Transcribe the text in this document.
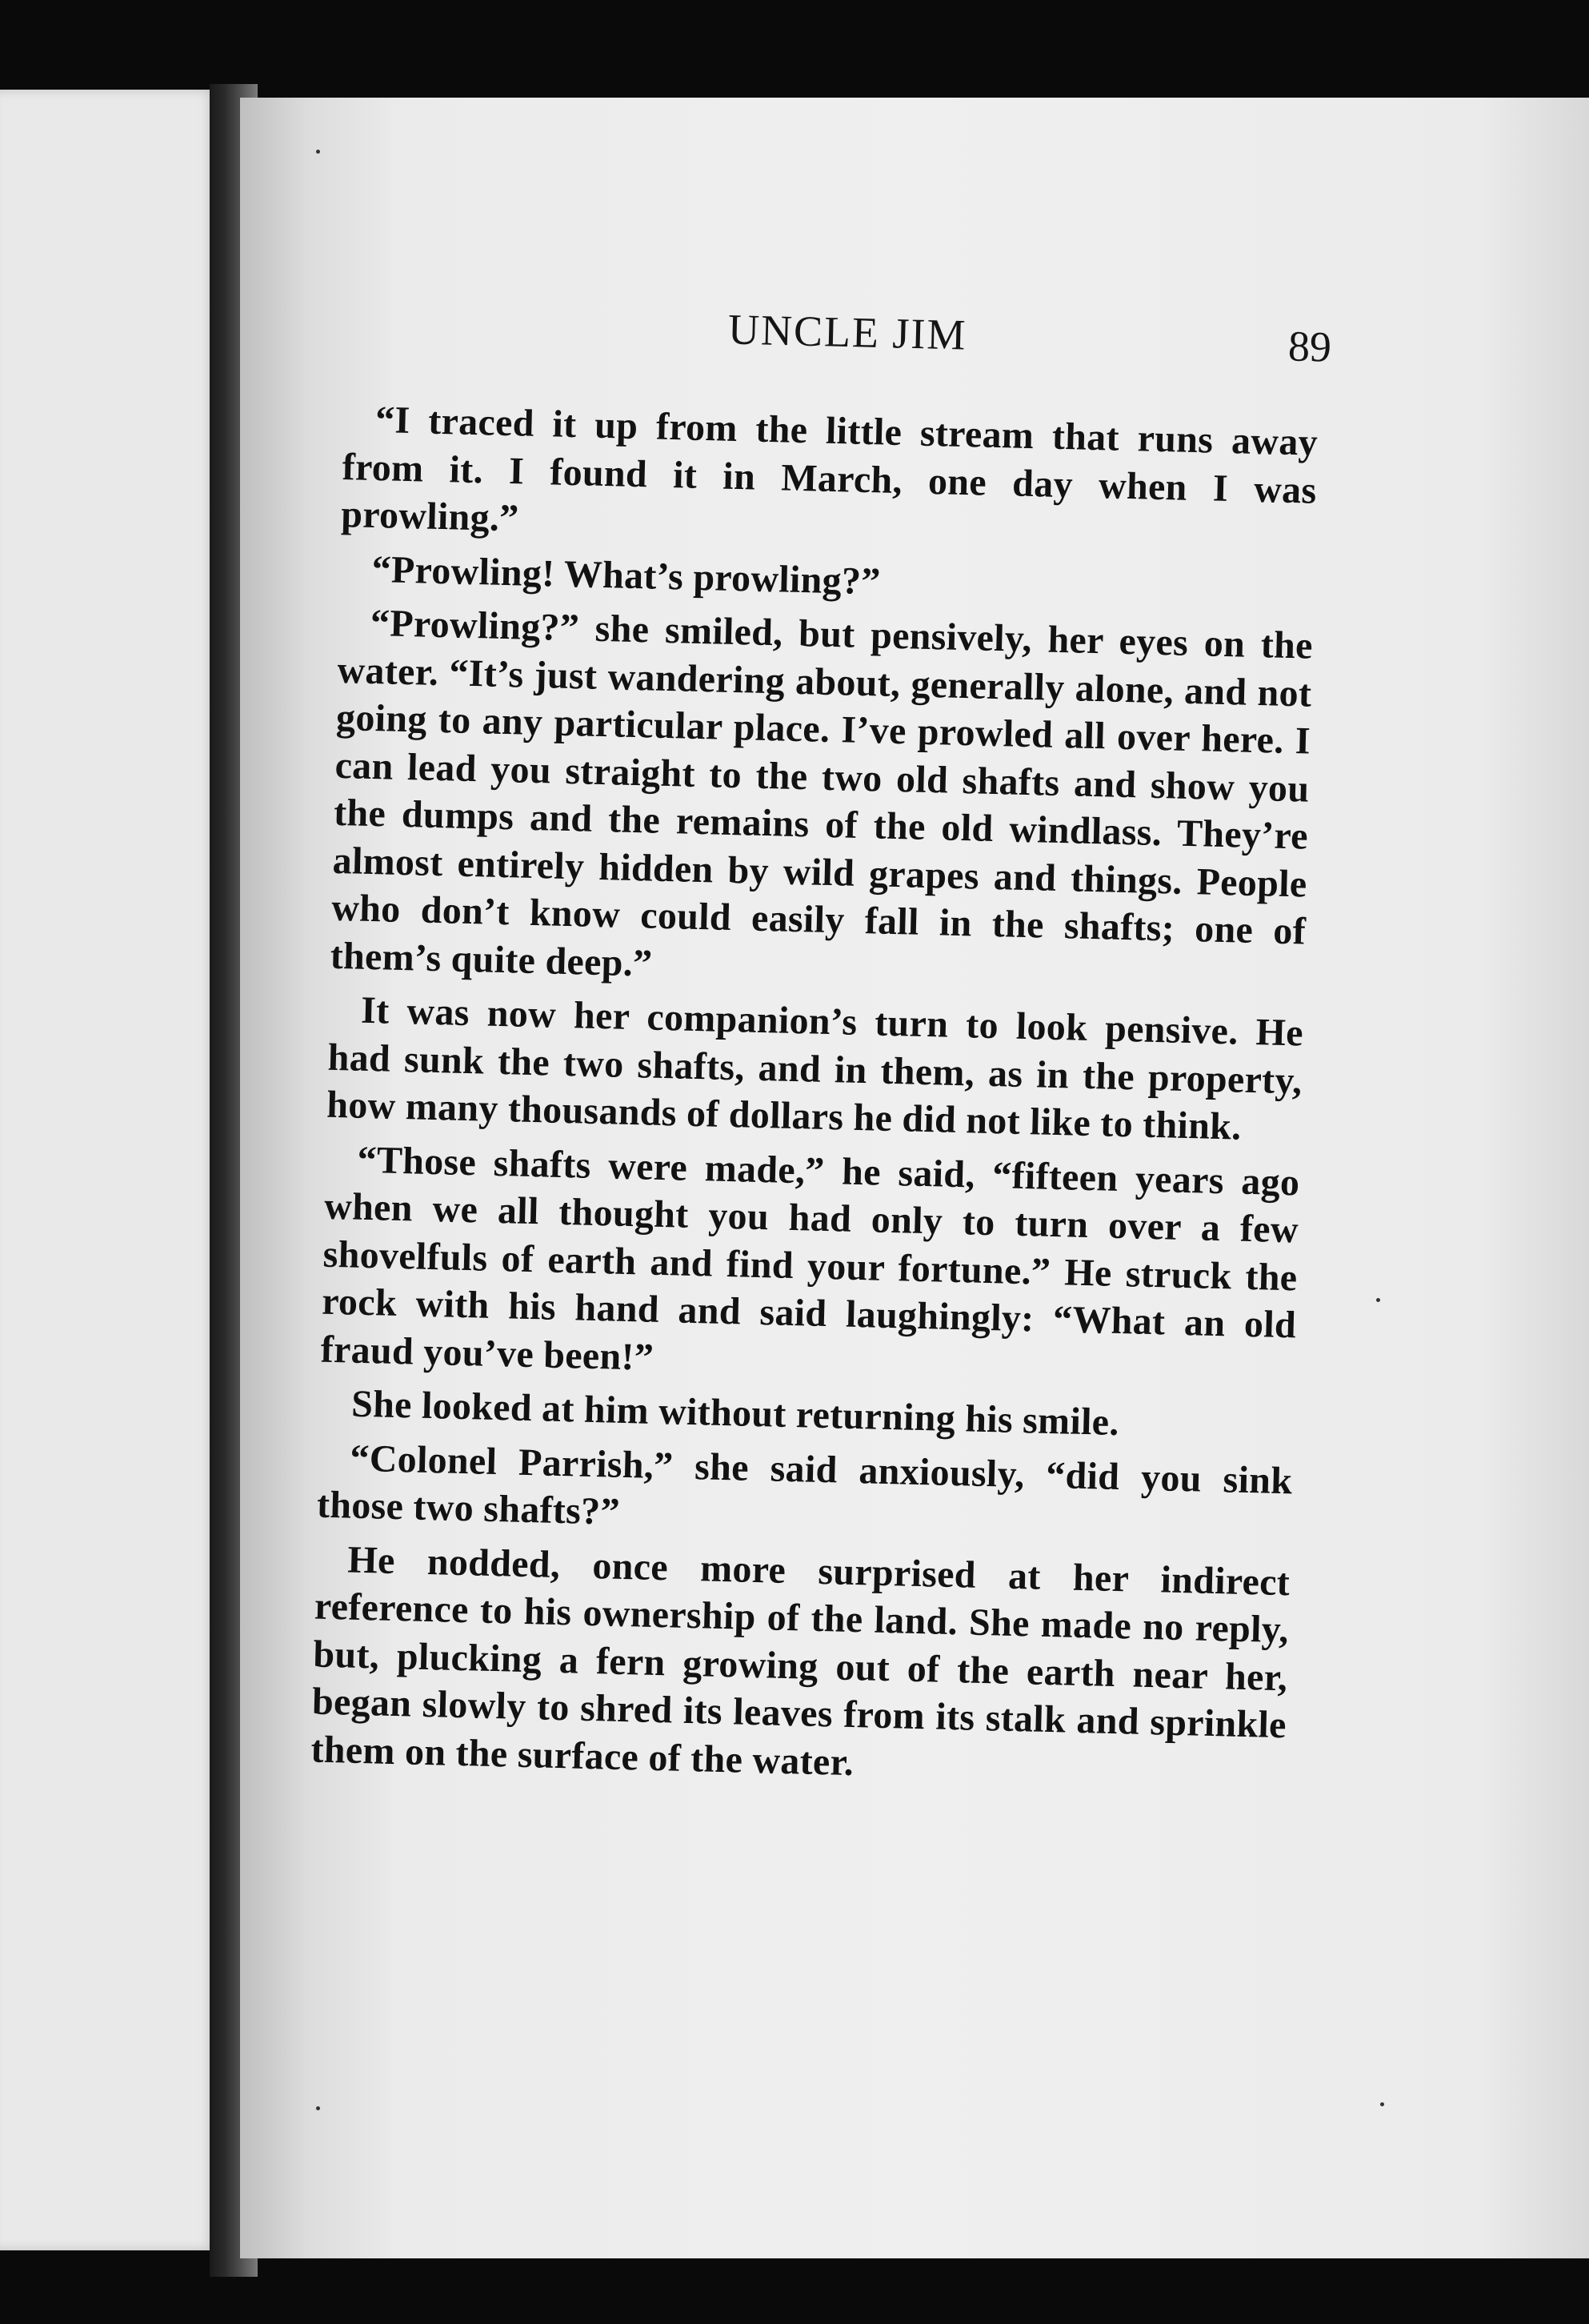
UNCLE JIM	89

“I traced it up from the little stream that runs away from it. I found it in March, one day when I was prowling.”

“Prowling! What’s prowling?”

“Prowling?” she smiled, but pensively, her eyes on the water. “It’s just wandering about, generally alone, and not going to any particular place. I’ve prowled all over here. I can lead you straight to the two old shafts and show you the dumps and the remains of the old windlass. They’re almost entirely hidden by wild grapes and things. People who don’t know could easily fall in the shafts; one of them’s quite deep.”

It was now her companion’s turn to look pensive. He had sunk the two shafts, and in them, as in the property, how many thousands of dollars he did not like to think.

“Those shafts were made,” he said, “fifteen years ago when we all thought you had only to turn over a few shovelfuls of earth and find your fortune.” He struck the rock with his hand and said laughingly: “What an old fraud you’ve been!”

She looked at him without returning his smile.

“Colonel Parrish,” she said anxiously, “did you sink those two shafts?”

He nodded, once more surprised at her indirect reference to his ownership of the land. She made no reply, but, plucking a fern growing out of the earth near her, began slowly to shred its leaves from its stalk and sprinkle them on the surface of the water.
